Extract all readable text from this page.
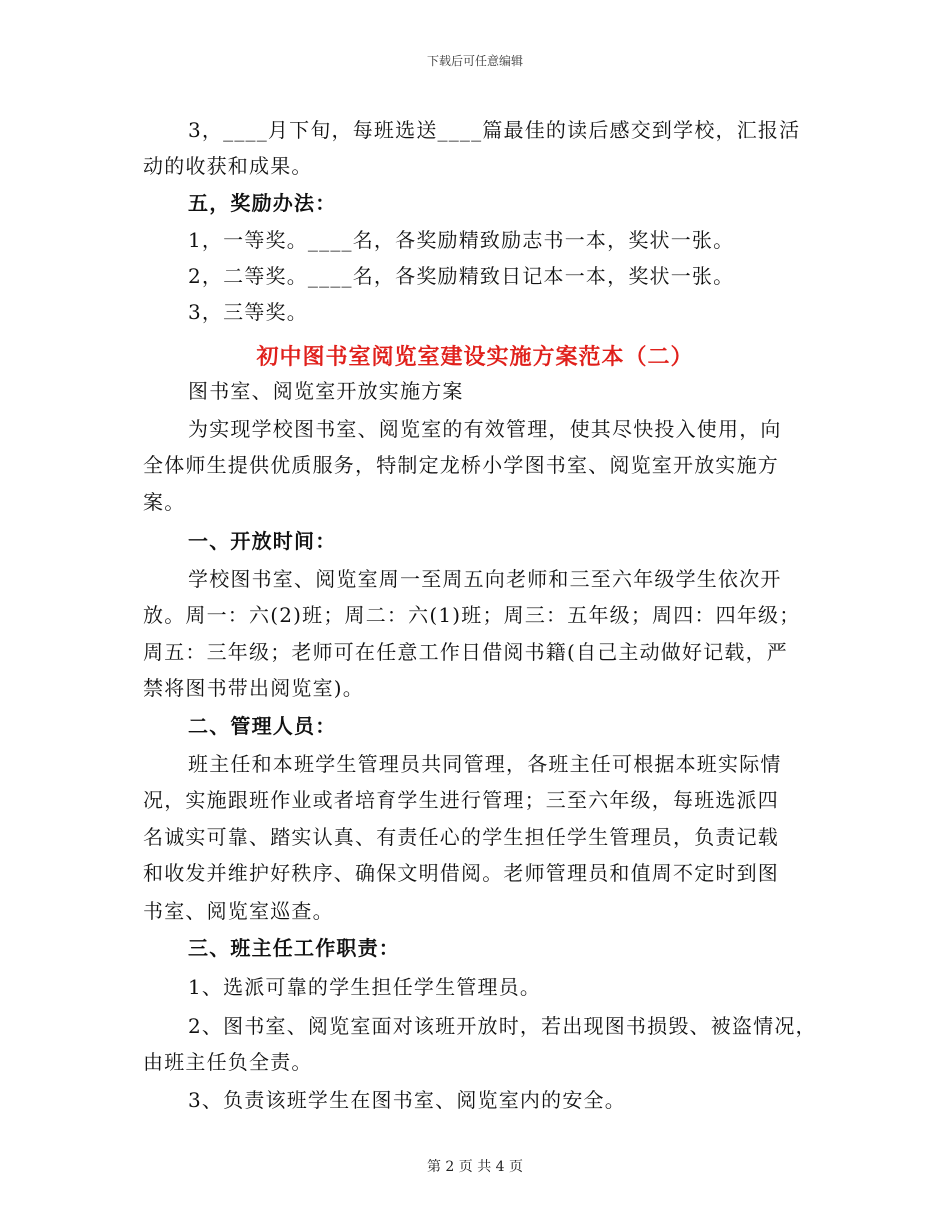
下载后可任意编辑
3，____月下旬，每班选送____篇最佳的读后感交到学校，汇报活
动的收获和成果。
五，奖励办法：
1，一等奖。____名，各奖励精致励志书一本，奖状一张。
2，二等奖。____名，各奖励精致日记本一本，奖状一张。
3，三等奖。
初中图书室阅览室建设实施方案范本（二）
图书室、阅览室开放实施方案
为实现学校图书室、阅览室的有效管理，使其尽快投入使用，向
全体师生提供优质服务，特制定龙桥小学图书室、阅览室开放实施方
案。
一、开放时间：
学校图书室、阅览室周一至周五向老师和三至六年级学生依次开
放。周一：六(2)班；周二：六(1)班；周三：五年级；周四：四年级；
周五：三年级；老师可在任意工作日借阅书籍(自己主动做好记载，严
禁将图书带出阅览室)。
二、管理人员：
班主任和本班学生管理员共同管理，各班主任可根据本班实际情
况，实施跟班作业或者培育学生进行管理；三至六年级，每班选派四
名诚实可靠、踏实认真、有责任心的学生担任学生管理员，负责记载
和收发并维护好秩序、确保文明借阅。老师管理员和值周不定时到图
书室、阅览室巡查。
三、班主任工作职责：
1、选派可靠的学生担任学生管理员。
2、图书室、阅览室面对该班开放时，若出现图书损毁、被盗情况，
由班主任负全责。
3、负责该班学生在图书室、阅览室内的安全。
第 2 页 共 4 页
